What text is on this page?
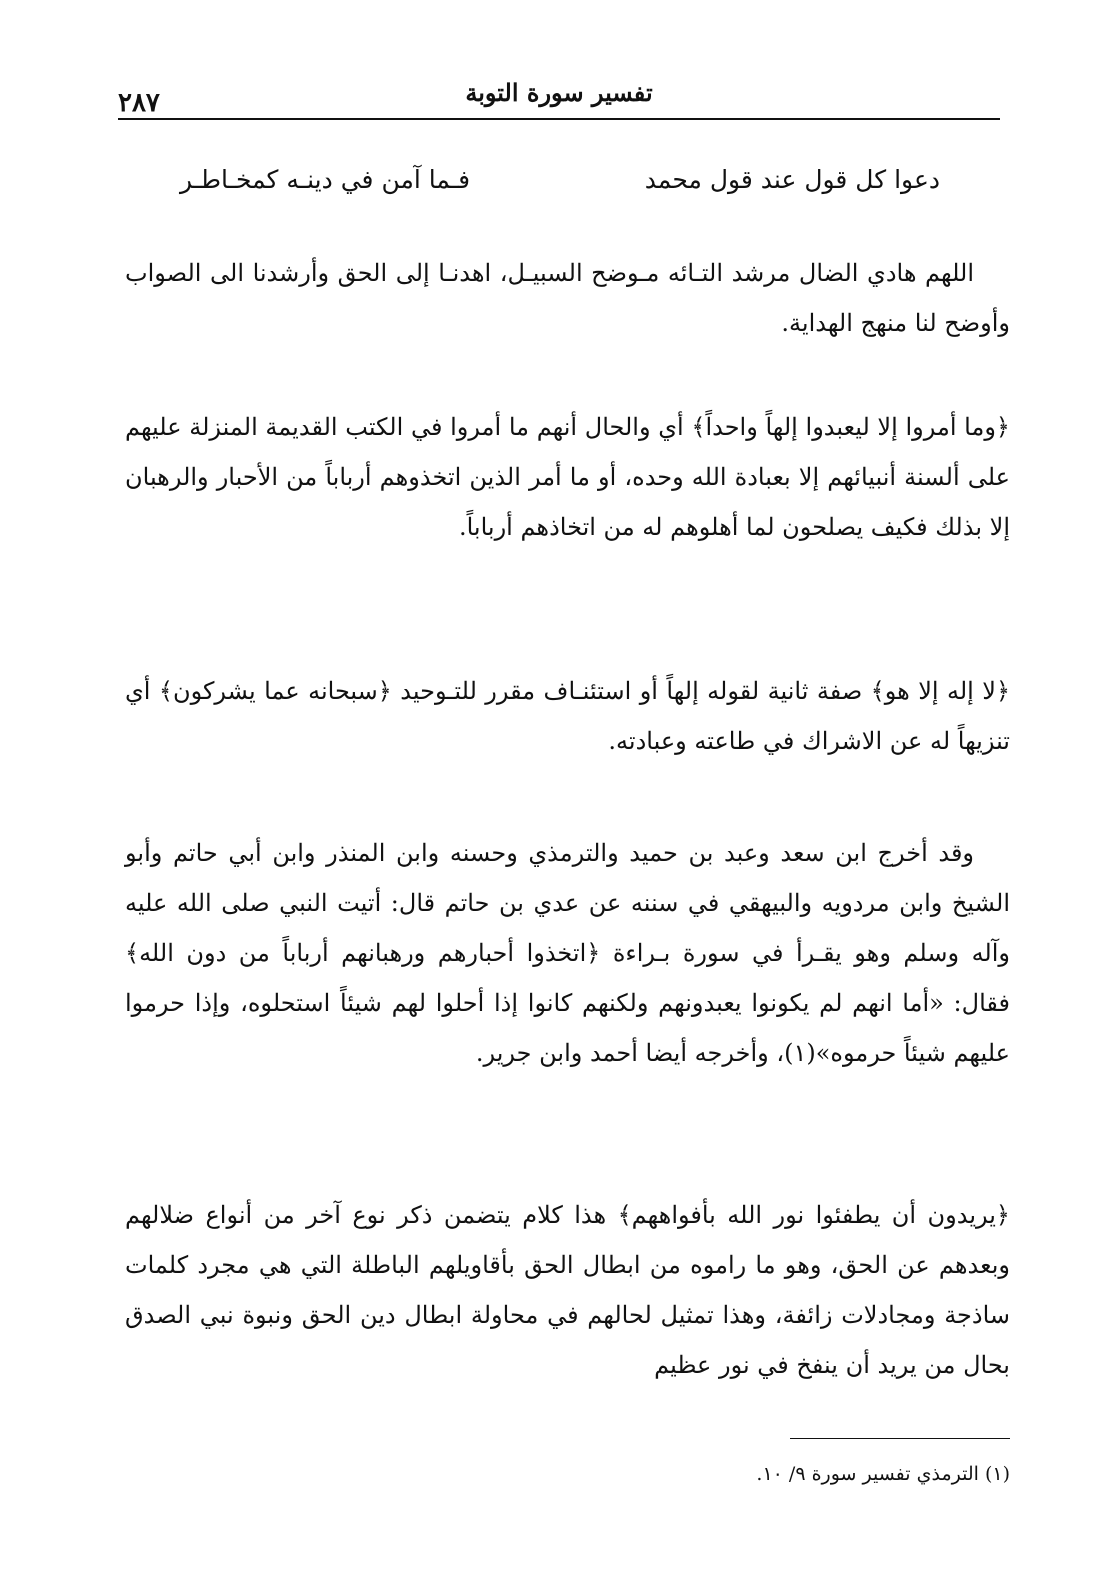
تفسير سورة التوبة
٢٨٧
دعوا كل قول عند قول محمد
فـما آمن في دينـه كمخـاطـر

اللهم هادي الضال مرشد التـائه مـوضح السبيـل، اهدنـا إلى الحق وأرشدنا الى الصواب وأوضح لنا منهج الهداية.

﴿وما أمروا إلا ليعبدوا إلهاً واحداً﴾ أي والحال أنهم ما أمروا في الكتب القديمة المنزلة عليهم على ألسنة أنبيائهم إلا بعبادة الله وحده، أو ما أمر الذين اتخذوهم أرباباً من الأحبار والرهبان إلا بذلك فكيف يصلحون لما أهلوهم له من اتخاذهم أرباباً.

﴿لا إله إلا هو﴾ صفة ثانية لقوله إلهاً أو استئنـاف مقرر للتـوحيد ﴿سبحانه عما يشركون﴾ أي تنزيهاً له عن الاشراك في طاعته وعبادته.

وقد أخرج ابن سعد وعبد بن حميد والترمذي وحسنه وابن المنذر وابن أبي حاتم وأبو الشيخ وابن مردويه والبيهقي في سننه عن عدي بن حاتم قال: أتيت النبي صلى الله عليه وآله وسلم وهو يقـرأ في سورة بـراءة ﴿اتخذوا أحبارهم ورهبانهم أرباباً من دون الله﴾ فقال: «أما انهم لم يكونوا يعبدونهم ولكنهم كانوا إذا أحلوا لهم شيئاً استحلوه، وإذا حرموا عليهم شيئاً حرموه»(١)، وأخرجه أيضا أحمد وابن جرير.

﴿يريدون أن يطفئوا نور الله بأفواههم﴾ هذا كلام يتضمن ذكر نوع آخر من أنواع ضلالهم وبعدهم عن الحق، وهو ما راموه من ابطال الحق بأقاويلهم الباطلة التي هي مجرد كلمات ساذجة ومجادلات زائفة، وهذا تمثيل لحالهم في محاولة ابطال دين الحق ونبوة نبي الصدق بحال من يريد أن ينفخ في نور عظيم

(١) الترمذي تفسير سورة ٩/ ١٠.
